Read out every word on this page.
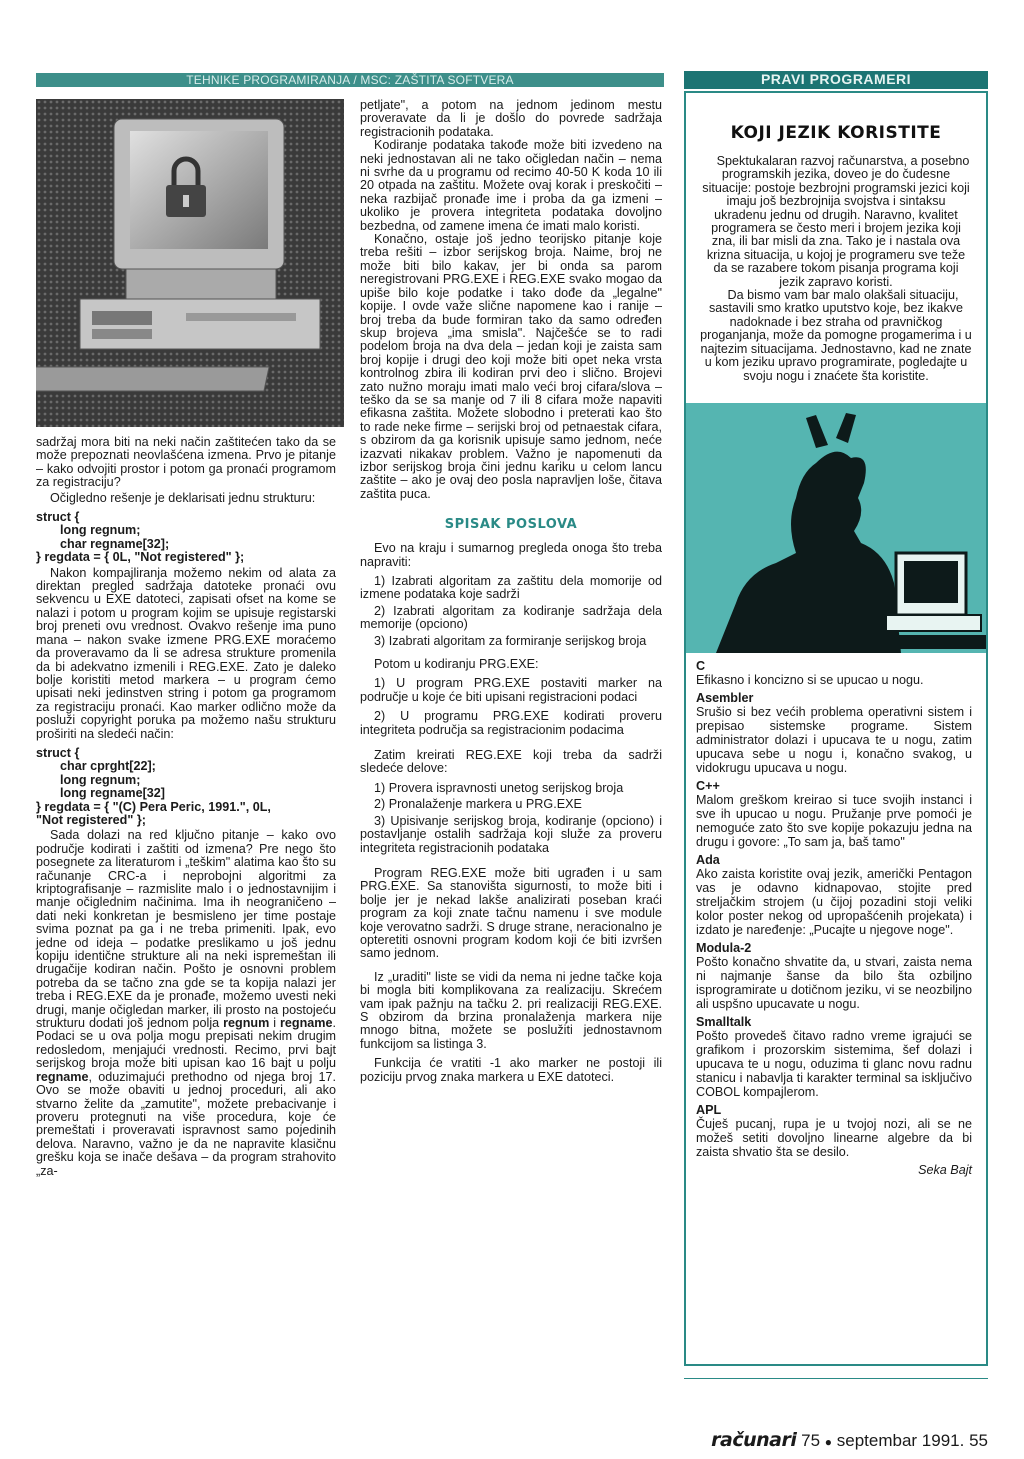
TEHNIKE PROGRAMIRANJA / MSC: ZAŠTITA SOFTVERA	PRAVI PROGRAMERI

sadržaj mora biti na neki način zaštitećen tako da se može prepoznati neovlašćena izmena. Prvo je pitanje – kako odvojiti prostor i potom ga pronaći programom za registraciju?

Očigledno rešenje je deklarisati jednu strukturu:

struct {
long regnum;
char regname[32];
} regdata = { 0L, "Not registered" };

Nakon kompajliranja možemo nekim od alata za direktan pregled sadržaja datoteke pronaći ovu sekvencu u EXE datoteci, zapisati ofset na kome se nalazi i potom u program kojim se upisuje registarski broj preneti ovu vrednost. Ovakvo rešenje ima puno mana – nakon svake izmene PRG.EXE moraćemo da proveravamo da li se adresa strukture promenila da bi adekvatno izmenili i REG.EXE. Zato je daleko bolje koristiti metod markera – u program ćemo upisati neki jedinstven string i potom ga programom za registraciju pronaći. Kao marker odlično može da posluži copyright poruka pa možemo našu strukturu proširiti na sledeći način:

struct {
char cprght[22];
long regnum;
long regname[32]
} regdata = { "(C) Pera Peric, 1991.", 0L,
"Not registered" };

Sada dolazi na red ključno pitanje – kako ovo područje kodirati i zaštiti od izmena? Pre nego što posegnete za literaturom i „teškim" alatima kao što su računanje CRC-a i neprobojni algoritmi za kriptografisanje – razmislite malo i o jednostavnijim i manje očiglednim načinima. Ima ih neograničeno – dati neki konkretan je besmisleno jer time postaje svima poznat pa ga i ne treba primeniti. Ipak, evo jedne od ideja – podatke preslikamo u još jednu kopiju identične strukture ali na neki ispremeštan ili drugačije kodiran način. Pošto je osnovni problem potreba da se tačno zna gde se ta kopija nalazi jer treba i REG.EXE da je pronađe, možemo uvesti neki drugi, manje očigledan marker, ili prosto na postojeću strukturu dodati još jednom polja regnum i regname. Podaci se u ova polja mogu prepisati nekim drugim redosledom, menjajući vrednosti. Recimo, prvi bajt serijskog broja može biti upisan kao 16 bajt u polju regname, oduzimajući prethodno od njega broj 17. Ovo se može obaviti u jednoj proceduri, ali ako stvarno želite da „zamutite", možete prebacivanje i proveru protegnuti na više procedura, koje će premeštati i proveravati ispravnost samo pojedinih delova. Naravno, važno je da ne napravite klasičnu grešku koja se inače dešava – da program strahovito „za-

petljate", a potom na jednom jedinom mestu proveravate da li je došlo do povrede sadržaja registracionih podataka.

Kodiranje podataka takođe može biti izvedeno na neki jednostavan ali ne tako očigledan način – nema ni svrhe da u programu od recimo 40-50 K koda 10 ili 20 otpada na zaštitu. Možete ovaj korak i preskočiti – neka razbijač pronađe ime i proba da ga izmeni – ukoliko je provera integriteta podataka dovoljno bezbedna, od zamene imena će imati malo koristi.

Konačno, ostaje još jedno teorijsko pitanje koje treba rešiti – izbor serijskog broja. Naime, broj ne može biti bilo kakav, jer bi onda sa parom neregistrovani PRG.EXE i REG.EXE svako mogao da upiše bilo koje podatke i tako dođe da „legalne" kopije. I ovde važe slične napomene kao i ranije – broj treba da bude formiran tako da samo određen skup brojeva „ima smisla". Najčešće se to radi podelom broja na dva dela – jedan koji je zaista sam broj kopije i drugi deo koji može biti opet neka vrsta kontrolnog zbira ili kodiran prvi deo i slično. Brojevi zato nužno moraju imati malo veći broj cifara/slova – teško da se sa manje od 7 ili 8 cifara može napaviti efikasna zaštita. Možete slobodno i preterati kao što to rade neke firme – serijski broj od petnaestak cifara, s obzirom da ga korisnik upisuje samo jednom, neće izazvati nikakav problem. Važno je napomenuti da izbor serijskog broja čini jednu kariku u celom lancu zaštite – ako je ovaj deo posla napravljen loše, čitava zaštita puca.

SPISAK POSLOVA

Evo na kraju i sumarnog pregleda onoga što treba napraviti:

1) Izabrati algoritam za zaštitu dela momorije od izmene podataka koje sadrži

2) Izabrati algoritam za kodiranje sadržaja dela memorije (opciono)

3) Izabrati algoritam za formiranje serijskog broja

Potom u kodiranju PRG.EXE:

1) U program PRG.EXE postaviti marker na područje u koje će biti upisani registracioni podaci

2) U programu PRG.EXE kodirati proveru integriteta područja sa registracionim podacima

Zatim kreirati REG.EXE koji treba da sadrži sledeće delove:

1) Provera ispravnosti unetog serijskog broja

2) Pronalaženje markera u PRG.EXE

3) Upisivanje serijskog broja, kodiranje (opciono) i postavljanje ostalih sadržaja koji služe za proveru integriteta registracionih podataka

Program REG.EXE može biti ugrađen i u sam PRG.EXE. Sa stanovišta sigurnosti, to može biti i bolje jer je nekad lakše analizirati poseban kraći program za koji znate tačnu namenu i sve module koje verovatno sadrži. S druge strane, neracionalno je opteretiti osnovni program kodom koji će biti izvršen samo jednom.

Iz „uraditi" liste se vidi da nema ni jedne tačke koja bi mogla biti komplikovana za realizaciju. Skrećem vam ipak pažnju na tačku 2. pri realizaciji REG.EXE. S obzirom da brzina pronalaženja markera nije mnogo bitna, možete se poslužiti jednostavnom funkcijom sa listinga 3.

Funkcija će vratiti -1 ako marker ne postoji ili poziciju prvog znaka markera u EXE datoteci.

KOJI JEZIK KORISTITE

Spektukalaran razvoj računarstva, a posebno programskih jezika, doveo je do čudesne situacije: postoje bezbrojni programski jezici koji imaju još bezbrojnija svojstva i sintaksu ukradenu jednu od drugih. Naravno, kvalitet programera se često meri i brojem jezika koji zna, ili bar misli da zna. Tako je i nastala ova krizna situacija, u kojoj je programeru sve teže da se razabere tokom pisanja programa koji jezik zapravo koristi.

Da bismo vam bar malo olakšali situaciju, sastavili smo kratko uputstvo koje, bez ikakve nadoknade i bez straha od pravničkog proganjanja, može da pomogne progamerima i u najtezim situacijama. Jednostavno, kad ne znate u kom jeziku upravo programirate, pogledajte u svoju nogu i znaćete šta koristite.

C

Efikasno i koncizno si se upucao u nogu.

Asembler

Srušio si bez većih problema operativni sistem i prepisao sistemske programe. Sistem administrator dolazi i upucava te u nogu, zatim upucava sebe u nogu i, konačno svakog, u vidokrugu upucava u nogu.

C++

Malom greškom kreirao si tuce svojih instanci i sve ih upucao u nogu. Pružanje prve pomoći je nemoguće zato što sve kopije pokazuju jedna na drugu i govore: „To sam ja, baš tamo"

Ada

Ako zaista koristite ovaj jezik, američki Pentagon vas je odavno kidnapovao, stojite pred streljačkim strojem (u čijoj pozadini stoji veliki kolor poster nekog od upropašćenih projekata) i izdato je naređenje: „Pucajte u njegove noge".

Modula-2

Pošto konačno shvatite da, u stvari, zaista nema ni najmanje šanse da bilo šta ozbiljno isprogramirate u dotičnom jeziku, vi se neozbiljno ali uspšno upucavate u nogu.

Smalltalk

Pošto provedeš čitavo radno vreme igrajući se grafikom i prozorskim sistemima, šef dolazi i upucava te u nogu, oduzima ti glanc novu radnu stanicu i nabavlja ti karakter terminal sa isključivo COBOL kompajlerom.

APL

Čuješ pucanj, rupa je u tvojoj nozi, ali se ne možeš setiti dovoljno linearne algebre da bi zaista shvatio šta se desilo.

Seka Bajt

računari 75 ● septembar 1991. 55
